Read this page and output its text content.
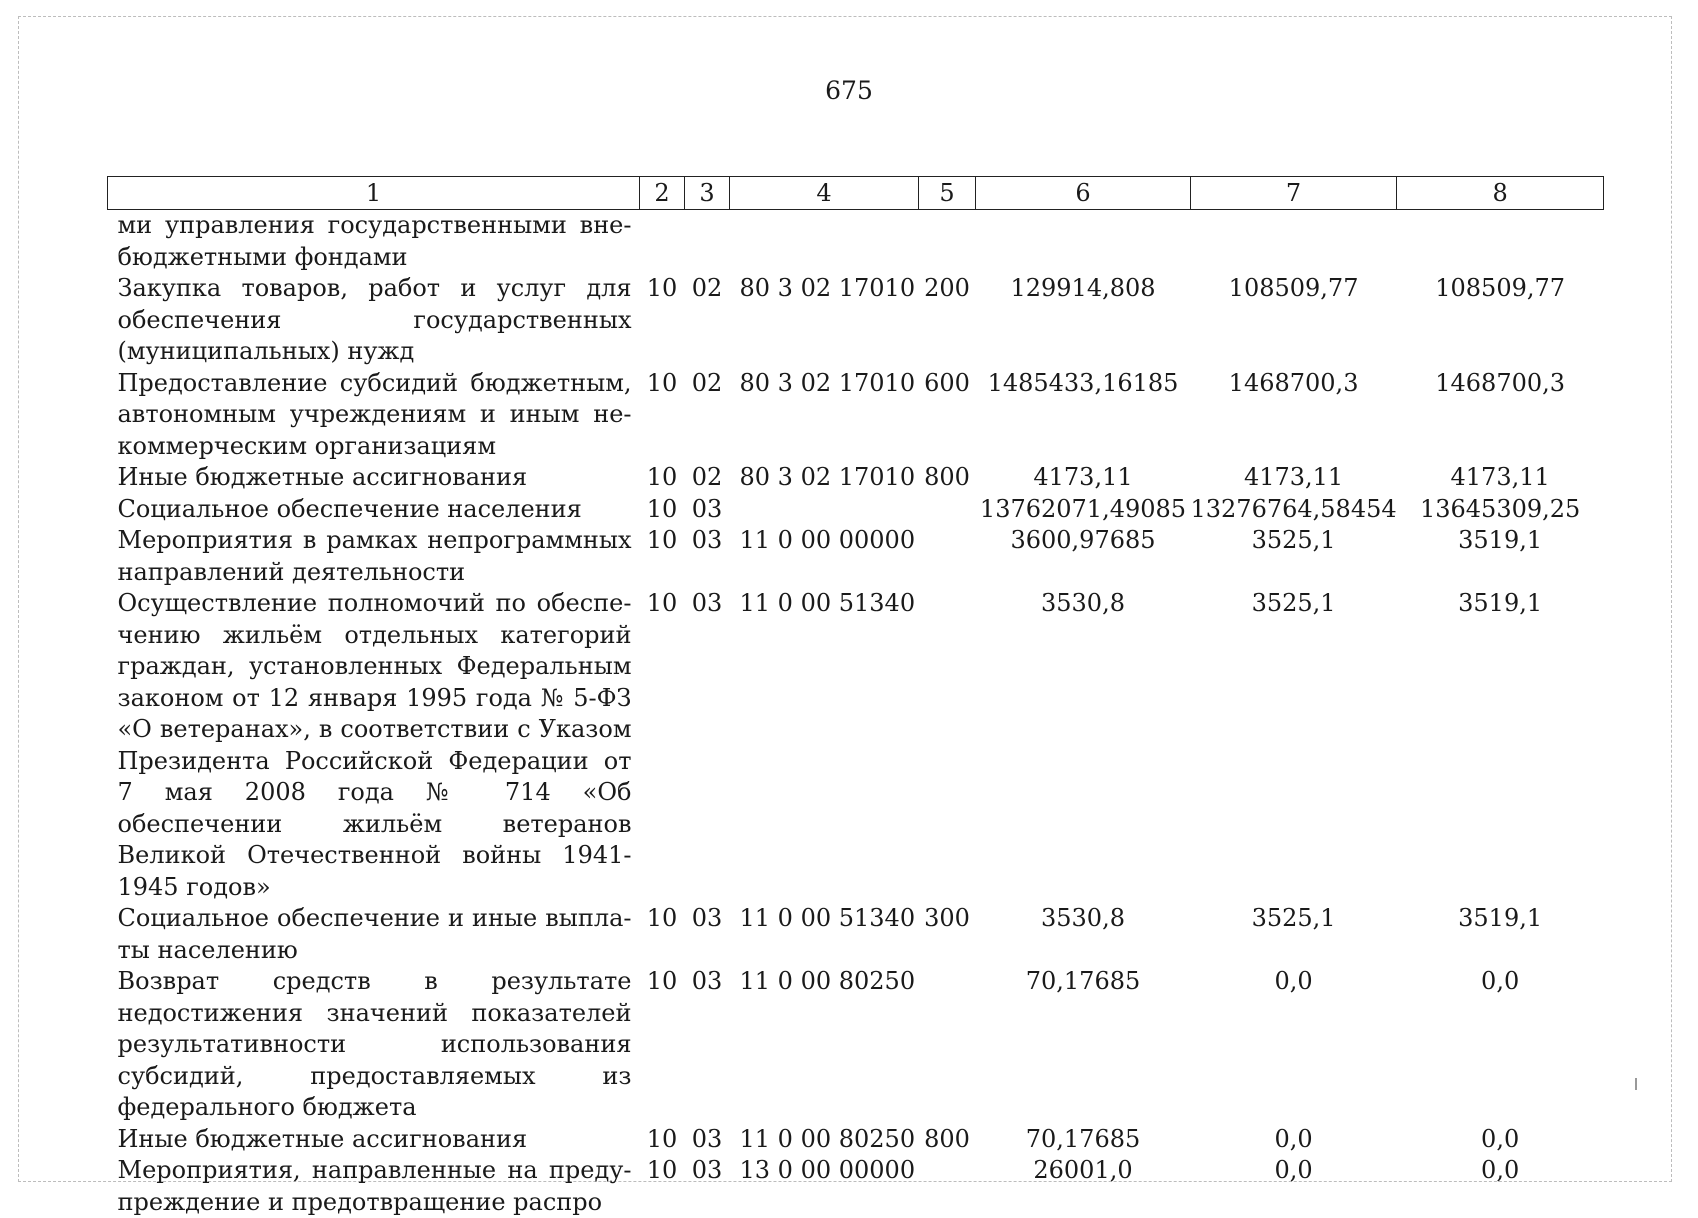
675
1	2	3	4	5	6	7	8
ми управления государственными внебюджетными фондами							
Закупка товаров, работ и услуг для обеспечения государственных (муниципальных) нужд	10	02	80 3 02 17010	200	129914,808	108509,77	108509,77
Предоставление субсидий бюджетным, автономным учреждениям и иным некоммерческим организациям	10	02	80 3 02 17010	600	1485433,16185	1468700,3	1468700,3
Иные бюджетные ассигнования	10	02	80 3 02 17010	800	4173,11	4173,11	4173,11
Социальное обеспечение населения	10	03			13762071,49085	13276764,58454	13645309,25
Мероприятия в рамках непрограммных направлений деятельности	10	03	11 0 00 00000		3600,97685	3525,1	3519,1
Осуществление полномочий по обеспечению жильём отдельных категорий граждан, установленных Федеральным законом от 12 января 1995 года № 5-ФЗ «О ветеранах», в соответствии с Указом Президента Российской Федерации от 7 мая 2008 года № 714 «Об обеспечении жильём ветеранов Великой Отечественной войны 1941-1945 годов»	10	03	11 0 00 51340		3530,8	3525,1	3519,1
Социальное обеспечение и иные выплаты населению	10	03	11 0 00 51340	300	3530,8	3525,1	3519,1
Возврат средств в результате недостижения значений показателей результативности использования субсидий, предоставляемых из федерального бюджета	10	03	11 0 00 80250		70,17685	0,0	0,0
Иные бюджетные ассигнования	10	03	11 0 00 80250	800	70,17685	0,0	0,0
Мероприятия, направленные на предупреждение и предотвращение распро	10	03	13 0 00 00000		26001,0	0,0	0,0
